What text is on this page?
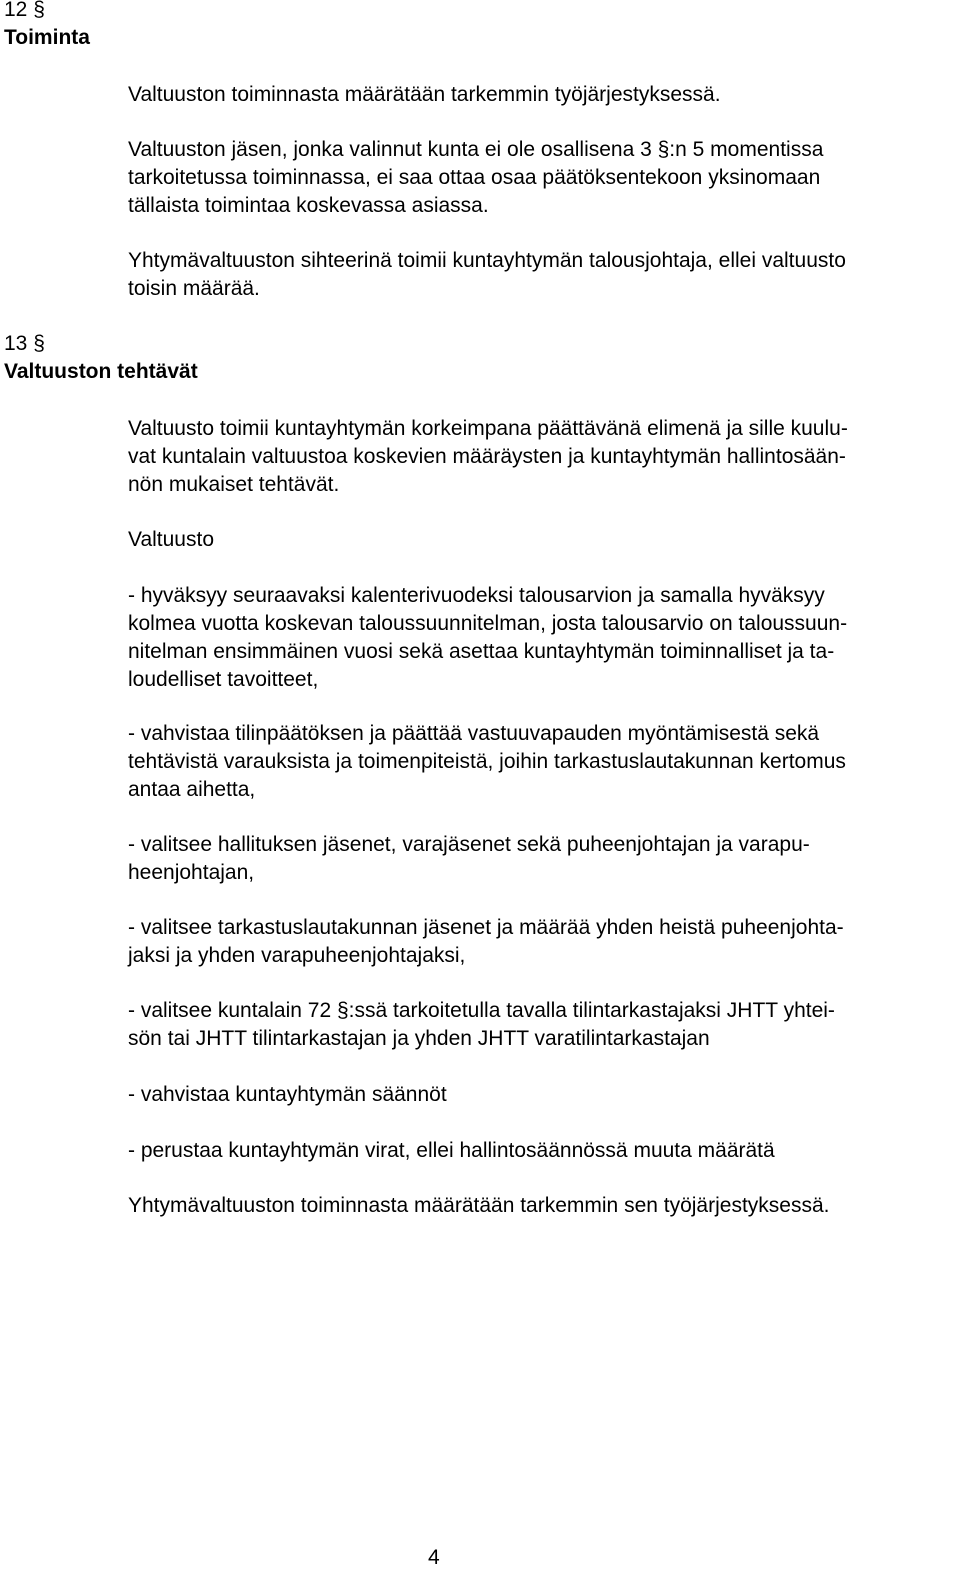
12 §
Toiminta
Valtuuston toiminnasta määrätään tarkemmin työjärjestyksessä.
Valtuuston jäsen, jonka valinnut kunta ei ole osallisena 3 §:n 5 momentissa
tarkoitetussa toiminnassa, ei saa ottaa osaa päätöksentekoon yksinomaan
tällaista toimintaa koskevassa asiassa.
Yhtymävaltuuston sihteerinä toimii kuntayhtymän talousjohtaja, ellei valtuusto
toisin määrää.
13 §
Valtuuston tehtävät
Valtuusto toimii kuntayhtymän korkeimpana päättävänä elimenä ja sille kuulu-
vat kuntalain valtuustoa koskevien määräysten ja kuntayhtymän hallintosään-
nön mukaiset tehtävät.
Valtuusto
- hyväksyy seuraavaksi kalenterivuodeksi talousarvion ja samalla hyväksyy
kolmea vuotta koskevan taloussuunnitelman, josta talousarvio on taloussuun-
nitelman ensimmäinen vuosi sekä asettaa kuntayhtymän toiminnalliset ja ta-
loudelliset tavoitteet,
- vahvistaa tilinpäätöksen ja päättää vastuuvapauden myöntämisestä sekä
tehtävistä varauksista ja toimenpiteistä, joihin tarkastuslautakunnan kertomus
antaa aihetta,
- valitsee hallituksen jäsenet, varajäsenet sekä puheenjohtajan ja varapu-
heenjohtajan,
- valitsee tarkastuslautakunnan jäsenet ja määrää yhden heistä puheenjohta-
jaksi ja yhden varapuheenjohtajaksi,
- valitsee kuntalain 72 §:ssä tarkoitetulla tavalla tilintarkastajaksi JHTT yhtei-
sön tai JHTT tilintarkastajan ja yhden JHTT varatilintarkastajan
- vahvistaa kuntayhtymän säännöt
- perustaa kuntayhtymän virat, ellei hallintosäännössä muuta määrätä
Yhtymävaltuuston toiminnasta määrätään tarkemmin sen työjärjestyksessä.
4
